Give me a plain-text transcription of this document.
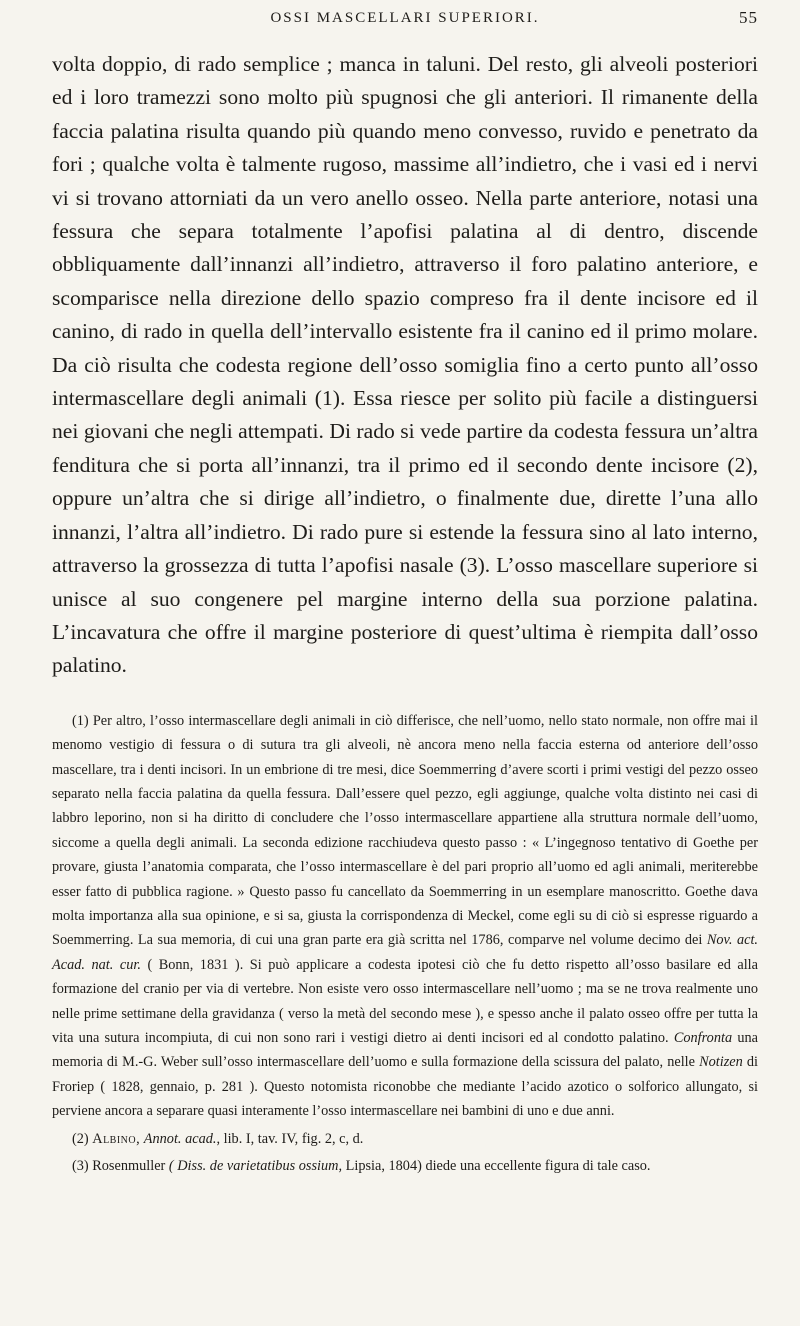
OSSI MASCELLARI SUPERIORI.	55

volta doppio, di rado semplice ; manca in taluni. Del resto, gli alveoli posteriori ed i loro tramezzi sono molto più spugnosi che gli anteriori. Il rimanente della faccia palatina risulta quando più quando meno convesso, ruvido e penetrato da fori ; qualche volta è talmente rugoso, massime all’indietro, che i vasi ed i nervi vi si trovano attorniati da un vero anello osseo. Nella parte anteriore, notasi una fessura che separa totalmente l’apofisi palatina al di dentro, discende obbliquamente dall’innanzi all’indietro, attraverso il foro palatino anteriore, e scomparisce nella direzione dello spazio compreso fra il dente incisore ed il canino, di rado in quella dell’intervallo esistente fra il canino ed il primo molare. Da ciò risulta che codesta regione dell’osso somiglia fino a certo punto all’osso intermascellare degli animali (1). Essa riesce per solito più facile a distinguersi nei giovani che negli attempati. Di rado si vede partire da codesta fessura un’altra fenditura che si porta all’innanzi, tra il primo ed il secondo dente incisore (2), oppure un’altra che si dirige all’indietro, o finalmente due, dirette l’una allo innanzi, l’altra all’indietro. Di rado pure si estende la fessura sino al lato interno, attraverso la grossezza di tutta l’apofisi nasale (3). L’osso mascellare superiore si unisce al suo congenere pel margine interno della sua porzione palatina. L’incavatura che offre il margine posteriore di quest’ultima è riempita dall’osso palatino.

(1) Per altro, l’osso intermascellare degli animali in ciò differisce, che nell’uomo, nello stato normale, non offre mai il menomo vestigio di fessura o di sutura tra gli alveoli, nè ancora meno nella faccia esterna od anteriore dell’osso mascellare, tra i denti incisori. In un embrione di tre mesi, dice Soemmerring d’avere scorti i primi vestigi del pezzo osseo separato nella faccia palatina da quella fessura. Dall’essere quel pezzo, egli aggiunge, qualche volta distinto nei casi di labbro leporino, non si ha diritto di concludere che l’osso intermascellare appartiene alla struttura normale dell’uomo, siccome a quella degli animali. La seconda edizione racchiudeva questo passo : « L’ingegnoso tentativo di Goethe per provare, giusta l’anatomia comparata, che l’osso intermascellare è del pari proprio all’uomo ed agli animali, meriterebbe esser fatto di pubblica ragione. » Questo passo fu cancellato da Soemmerring in un esemplare manoscritto. Goethe dava molta importanza alla sua opinione, e si sa, giusta la corrispondenza di Meckel, come egli su di ciò si espresse riguardo a Soemmerring. La sua memoria, di cui una gran parte era già scritta nel 1786, comparve nel volume decimo dei Nov. act. Acad. nat. cur. ( Bonn, 1831 ). Si può applicare a codesta ipotesi ciò che fu detto rispetto all’osso basilare ed alla formazione del cranio per via di vertebre. Non esiste vero osso intermascellare nell’uomo ; ma se ne trova realmente uno nelle prime settimane della gravidanza ( verso la metà del secondo mese ), e spesso anche il palato osseo offre per tutta la vita una sutura incompiuta, di cui non sono rari i vestigi dietro ai denti incisori ed al condotto palatino. Confronta una memoria di M.-G. Weber sull’osso intermascellare dell’uomo e sulla formazione della scissura del palato, nelle Notizen di Froriep ( 1828, gennaio, p. 281 ). Questo notomista riconobbe che mediante l’acido azotico o solforico allungato, si perviene ancora a separare quasi interamente l’osso intermascellare nei bambini di uno e due anni.

(2) Albino, Annot. acad., lib. I, tav. IV, fig. 2, c, d.

(3) Rosenmuller ( Diss. de varietatibus ossium, Lipsia, 1804) diede una eccellente figura di tale caso.
